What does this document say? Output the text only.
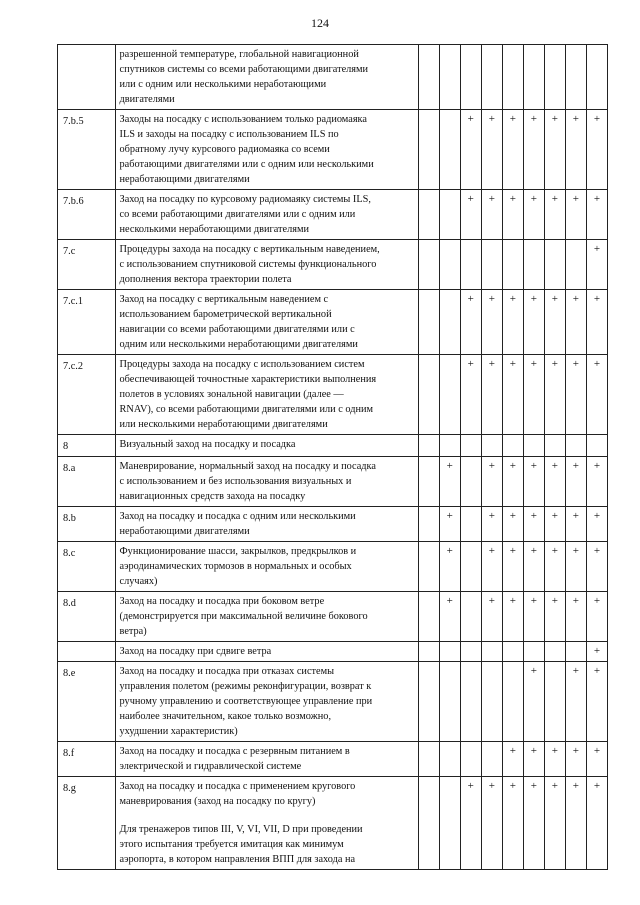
124

	разрешенной температуре, глобальной навигационной
спутников системы со всеми работающими двигателями
или с одним или несколькими неработающими
двигателями									

7.b.5	Заходы на посадку с использованием только радиомаяка
ILS и заходы на посадку с использованием ILS по
обратному лучу курсового радиомаяка со всеми
работающими двигателями или с одним или несколькими
неработающими двигателями			+	+	+	+	+	+	+
7.b.6	Заход на посадку по курсовому радиомаяку системы ILS,
со всеми работающими двигателями или с одним или
несколькими неработающими двигателями			+	+	+	+	+	+	+
7.c	Процедуры захода на посадку с вертикальным наведением,
с использованием спутниковой системы функционального
дополнения вектора траектории полета									+
7.c.1	Заход на посадку с вертикальным наведением с
использованием барометрической вертикальной
навигации со всеми работающими двигателями или с
одним или несколькими неработающими двигателями			+	+	+	+	+	+	+
7.c.2	Процедуры захода на посадку с использованием систем
обеспечивающей точностные характеристики выполнения
полетов в условиях зональной навигации (далее —
RNAV), со всеми работающими двигателями или с одним
или несколькими неработающими двигателями			+	+	+	+	+	+	+
8	Визуальный заход на посадку и посадка									

8.a	Маневрирование, нормальный заход на посадку и посадка
с использованием и без использования визуальных и
навигационных средств захода на посадку		+		+	+	+	+	+	+
8.b	Заход на посадку и посадка с одним или несколькими
неработающими двигателями		+		+	+	+	+	+	+
8.c	Функционирование шасси, закрылков, предкрылков и
аэродинамических тормозов в нормальных и особых
случаях)		+		+	+	+	+	+	+
8.d	Заход на посадку и посадка при боковом ветре
(демонстрируется при максимальной величине бокового
ветра)		+		+	+	+	+	+	+

	Заход на посадку при сдвиге ветра									+
8.e	Заход на посадку и посадка при отказах системы
управления полетом (режимы реконфигурации, возврат к
ручному управлению и соответствующее управление при
наиболее значительном, какое только возможно,
ухудшении характеристик)						+		+	+
8.f	Заход на посадку и посадка с резервным питанием в
электрической и гидравлической системе					+	+	+	+	+
8.g	Заход на посадку и посадка с применением кругового
маневрирования (заход на посадку по кругу)
Для тренажеров типов III, V, VI, VII, D при проведении
этого испытания требуется имитация как минимум
аэропорта, в котором направления ВПП для захода на			+	+	+	+	+	+	+
